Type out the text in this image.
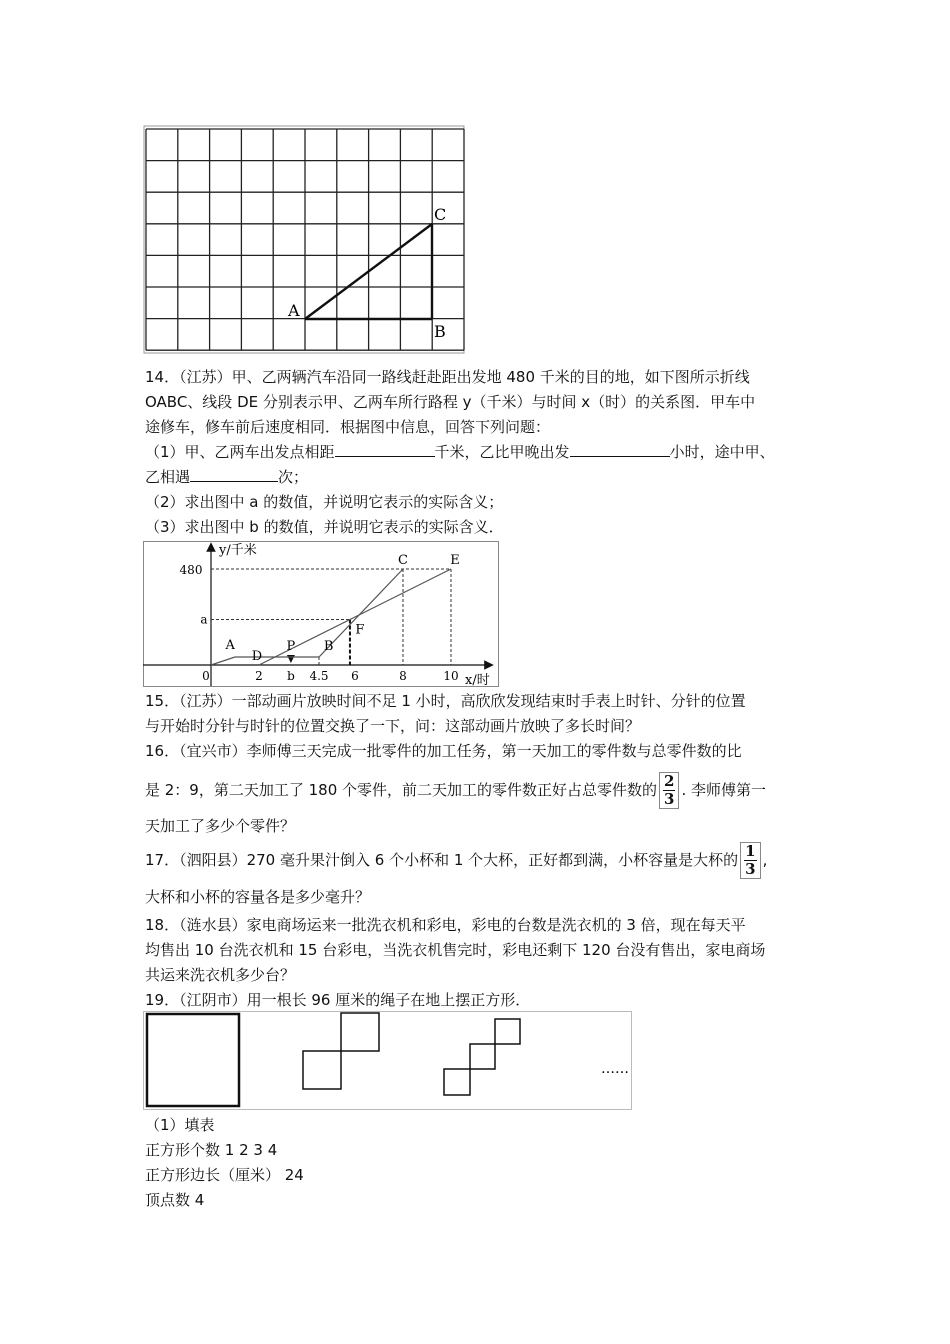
A
B
C
14．（江苏）甲、乙两辆汽车沿同一路线赶赴距出发地 480 千米的目的地，如下图所示折线
OABC、线段 DE 分别表示甲、乙两车所行路程 y（千米）与时间 x（时）的关系图．甲车中
途修车，修车前后速度相同．根据图中信息，回答下列问题：
（1）甲、乙两车出发点相距	千米，乙比甲晚出发	小时，途中甲、
乙相遇	次；
（2）求出图中 a 的数值，并说明它表示的实际含义；
（3）求出图中 b 的数值，并说明它表示的实际含义．
0	2 b 4.5 6	8	10
480
a
y/千米
x/时
A	P
D
B
F
C	E
15．（江苏）一部动画片放映时间不足 1 小时，高欣欣发现结束时手表上时针、分针的位置
与开始时分针与时针的位置交换了一下，问：这部动画片放映了多长时间？
16．（宜兴市）李师傅三天完成一批零件的加工任务，第一天加工的零件数与总零件数的比
是 2：9，第二天加工了 180 个零件，前二天加工的零件数正好占总零件数的 $\frac{2}{3}$ . 李师傅第一
天加工了多少个零件？
17．（泗阳县）270 毫升果汁倒入 6 个小杯和 1 个大杯，正好都到满，小杯容量是大杯的 $\frac{1}{3}$ ,
大杯和小杯的容量各是多少毫升？
18．（涟水县）家电商场运来一批洗衣机和彩电，彩电的台数是洗衣机的 3 倍，现在每天平
均售出 10 台洗衣机和 15 台彩电，当洗衣机售完时，彩电还剩下 120 台没有售出，家电商场
共运来洗衣机多少台？
19．（江阴市）用一根长 96 厘米的绳子在地上摆正方形．
……
（1）填表
正方形个数 1 2 3 4
正方形边长（厘米） 24
顶点数 4
